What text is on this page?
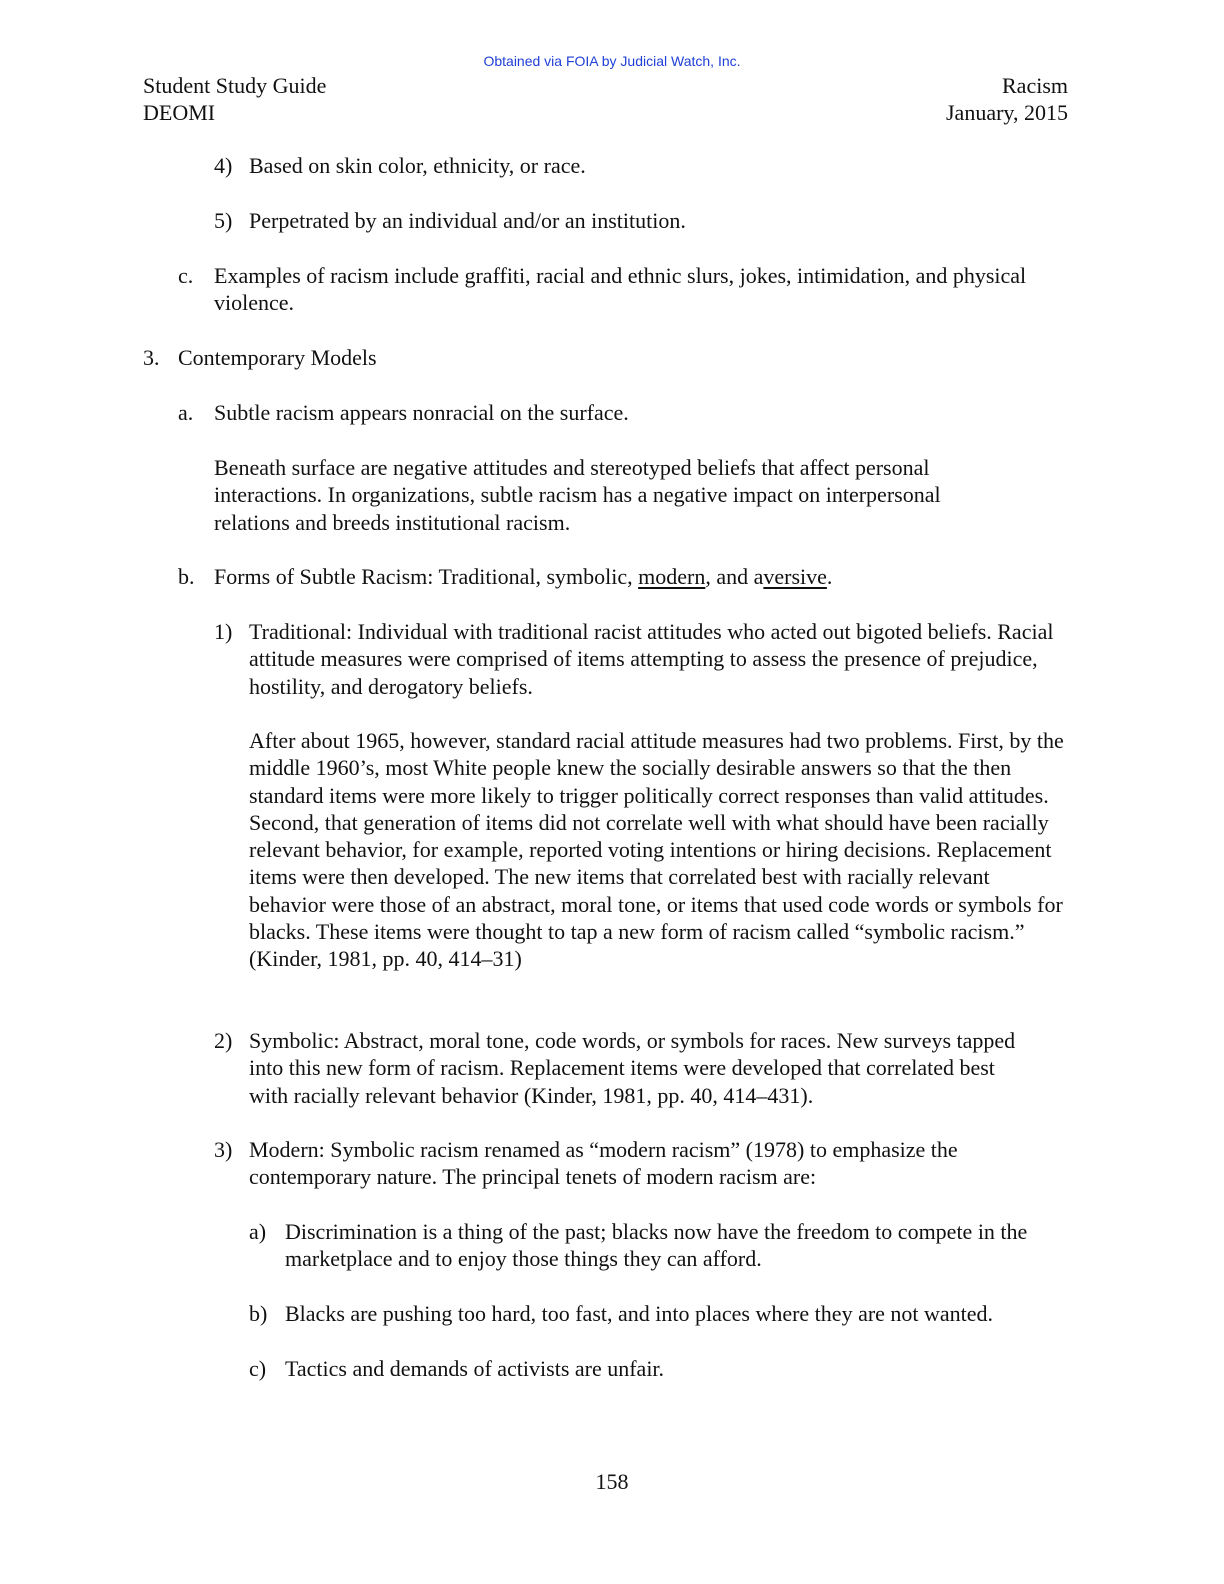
Obtained via FOIA by Judicial Watch, Inc.
Student Study Guide
DEOMI
Racism
January, 2015
4) Based on skin color, ethnicity, or race.
5) Perpetrated by an individual and/or an institution.
c. Examples of racism include graffiti, racial and ethnic slurs, jokes, intimidation, and physical violence.
3. Contemporary Models
a. Subtle racism appears nonracial on the surface.
Beneath surface are negative attitudes and stereotyped beliefs that affect personal interactions. In organizations, subtle racism has a negative impact on interpersonal relations and breeds institutional racism.
b. Forms of Subtle Racism: Traditional, symbolic, modern, and aversive.
1) Traditional: Individual with traditional racist attitudes who acted out bigoted beliefs. Racial attitude measures were comprised of items attempting to assess the presence of prejudice, hostility, and derogatory beliefs.
After about 1965, however, standard racial attitude measures had two problems. First, by the middle 1960’s, most White people knew the socially desirable answers so that the then standard items were more likely to trigger politically correct responses than valid attitudes. Second, that generation of items did not correlate well with what should have been racially relevant behavior, for example, reported voting intentions or hiring decisions. Replacement items were then developed. The new items that correlated best with racially relevant behavior were those of an abstract, moral tone, or items that used code words or symbols for blacks. These items were thought to tap a new form of racism called “symbolic racism.” (Kinder, 1981, pp. 40, 414–31)
2) Symbolic: Abstract, moral tone, code words, or symbols for races. New surveys tapped into this new form of racism. Replacement items were developed that correlated best with racially relevant behavior (Kinder, 1981, pp. 40, 414–431).
3) Modern: Symbolic racism renamed as “modern racism” (1978) to emphasize the contemporary nature. The principal tenets of modern racism are:
a) Discrimination is a thing of the past; blacks now have the freedom to compete in the marketplace and to enjoy those things they can afford.
b) Blacks are pushing too hard, too fast, and into places where they are not wanted.
c) Tactics and demands of activists are unfair.
158
